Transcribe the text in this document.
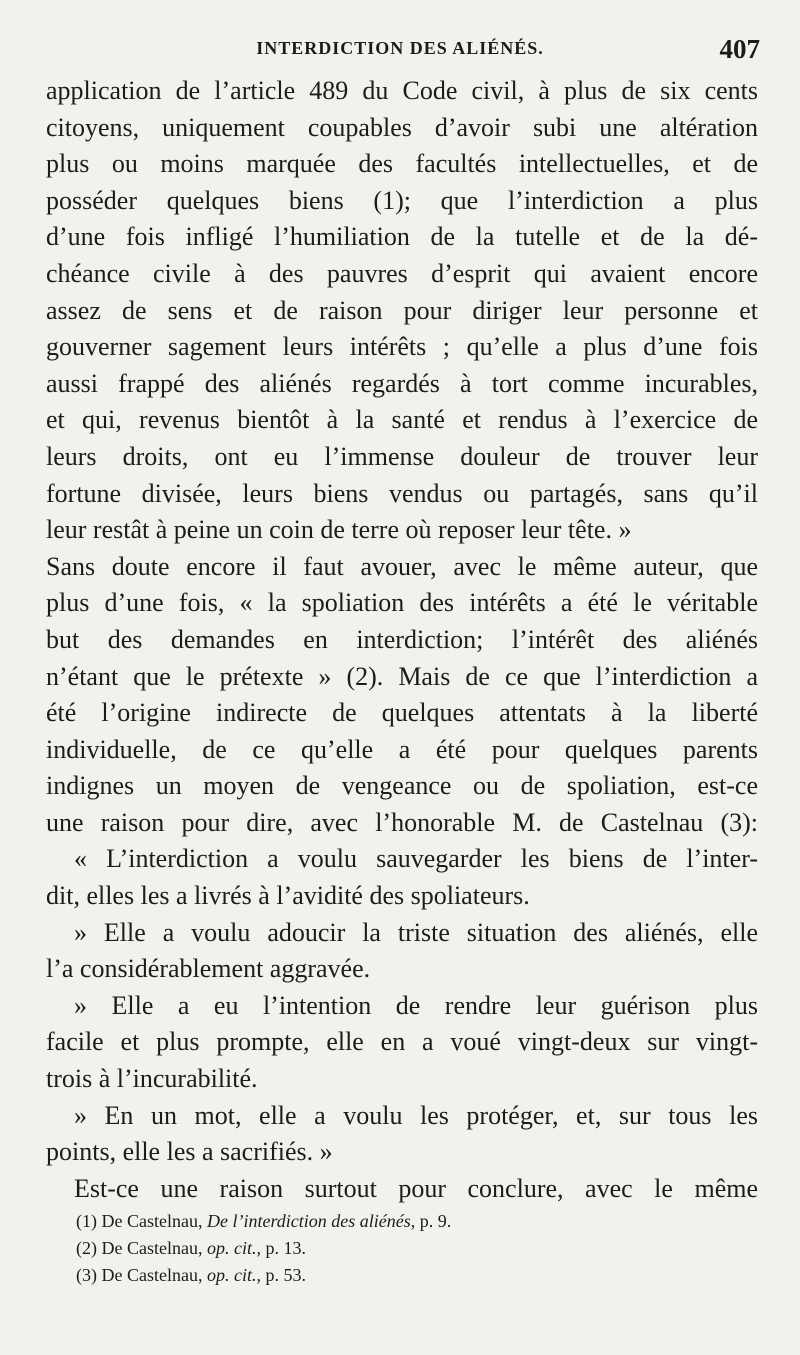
INTERDICTION DES ALIÉNÉS.	407
application de l’article 489 du Code civil, à plus de six cents
citoyens, uniquement coupables d’avoir subi une altération
plus ou moins marquée des facultés intellectuelles, et de
posséder quelques biens (1); que l’interdiction a plus
d’une fois infligé l’humiliation de la tutelle et de la dé-
chéance civile à des pauvres d’esprit qui avaient encore
assez de sens et de raison pour diriger leur personne et
gouverner sagement leurs intérêts ; qu’elle a plus d’une fois
aussi frappé des aliénés regardés à tort comme incurables,
et qui, revenus bientôt à la santé et rendus à l’exercice de
leurs droits, ont eu l’immense douleur de trouver leur
fortune divisée, leurs biens vendus ou partagés, sans qu’il
leur restât à peine un coin de terre où reposer leur tête. »
Sans doute encore il faut avouer, avec le même auteur, que
plus d’une fois, « la spoliation des intérêts a été le véritable
but des demandes en interdiction; l’intérêt des aliénés
n’étant que le prétexte » (2). Mais de ce que l’interdiction a
été l’origine indirecte de quelques attentats à la liberté
individuelle, de ce qu’elle a été pour quelques parents
indignes un moyen de vengeance ou de spoliation, est-ce
une raison pour dire, avec l’honorable M. de Castelnau (3):
« L’interdiction a voulu sauvegarder les biens de l’inter-
dit, elles les a livrés à l’avidité des spoliateurs.
» Elle a voulu adoucir la triste situation des aliénés, elle
l’a considérablement aggravée.
» Elle a eu l’intention de rendre leur guérison plus
facile et plus prompte, elle en a voué vingt-deux sur vingt-
trois à l’incurabilité.
» En un mot, elle a voulu les protéger, et, sur tous les
points, elle les a sacrifiés. »
Est-ce une raison surtout pour conclure, avec le même
(1) De Castelnau, De l’interdiction des aliénés, p. 9.
(2) De Castelnau, op. cit., p. 13.
(3) De Castelnau, op. cit., p. 53.
